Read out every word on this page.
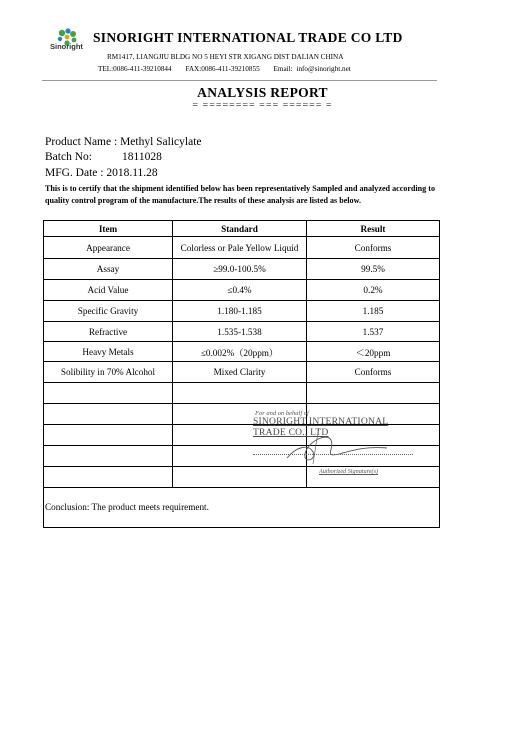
Sinoright
SINORIGHT INTERNATIONAL TRADE CO LTD
RM1417, LIANGJIU BLDG NO 5 HEYI STR XIGANG DIST DALIAN CHINA
TEL:0086-411-39210844 FAX:0086-411-39210855 Email: info@sinoright.net
ANALYSIS REPORT
= ======== === ====== =
Product Name : Methyl Salicylate
Batch No:	1811028
MFG. Date : 2018.11.28
This is to certify that the shipment identified below has been representatively Sampled and analyzed according to quality control program of the manufacture.The results of these analysis are listed as below.
Item	Standard	Result
Appearance	Colorless or Pale Yellow Liquid	Conforms
Assay	≥99.0-100.5%	99.5%
Acid Value	≤0.4%	0.2%
Specific Gravity	1.180-1.185	1.185
Refractive	1.535-1.538	1.537
Heavy Metals	≤0.002%（20ppm）	＜20ppm
Solibility in 70% Alcohol	Mixed Clarity	Conforms

Conclusion: The product meets requirement.
For and on behalf of
SINORIGHT INTERNATIONAL TRADE CO., LTD
Authorized Signature(s)
